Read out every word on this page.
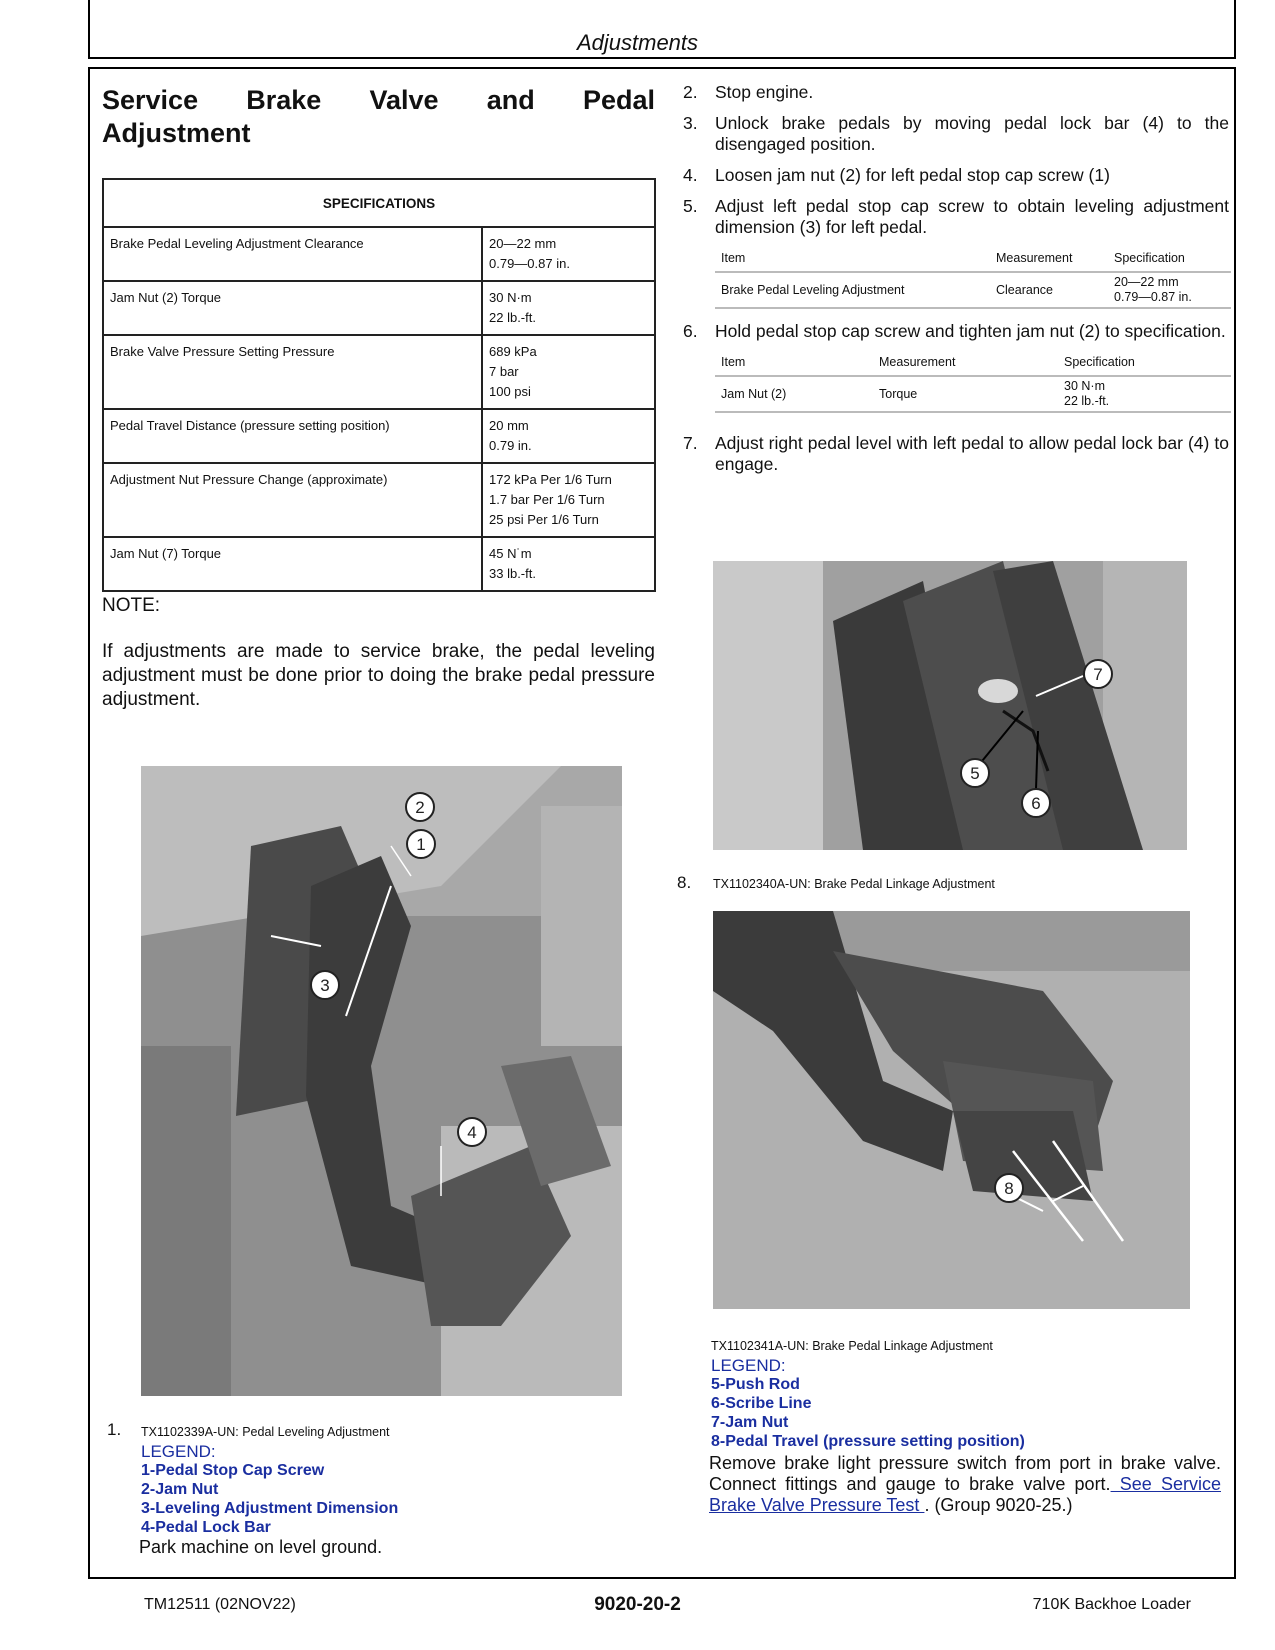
Adjustments
Service Brake Valve and Pedal
Adjustment
SPECIFICATIONS	
Brake Pedal Leveling Adjustment Clearance	20—22 mm
0.79—0.87 in.

Jam Nut (2) Torque	30 N·m
22 lb.-ft.

Brake Valve Pressure Setting Pressure	689 kPa
7 bar
100 psi

Pedal Travel Distance (pressure setting position)	20 mm
0.79 in.

Adjustment Nut Pressure Change (approximate)	172 kPa Per 1/6 Turn
1.7 bar Per 1/6 Turn
25 psi Per 1/6 Turn

Jam Nut (7) Torque	45 N˙m
33 lb.-ft.
NOTE:
If adjustments are made to service brake, the pedal leveling adjustment must be done prior to doing the brake pedal pressure adjustment.
2
1
3
4
1. TX1102339A-UN: Pedal Leveling Adjustment
LEGEND:
1-Pedal Stop Cap Screw
2-Jam Nut
3-Leveling Adjustment Dimension
4-Pedal Lock Bar
Park machine on level ground.
2. Stop engine.
3. Unlock brake pedals by moving pedal lock bar (4) to the disengaged position.
4. Loosen jam nut (2) for left pedal stop cap screw (1)
5. Adjust left pedal stop cap screw to obtain leveling adjustment dimension (3) for left pedal.
Item	Measurement	Specification
Brake Pedal Leveling Adjustment	Clearance	20—22 mm
0.79—0.87 in.
6. Hold pedal stop cap screw and tighten jam nut (2) to specification.
Item	Measurement	Specification
Jam Nut (2)	Torque	30 N·m
22 lb.-ft.
7. Adjust right pedal level with left pedal to allow pedal lock bar (4) to engage.
7
5
6
8. TX1102340A-UN: Brake Pedal Linkage Adjustment
8
TX1102341A-UN: Brake Pedal Linkage Adjustment
LEGEND:
5-Push Rod
6-Scribe Line
7-Jam Nut
8-Pedal Travel (pressure setting position)
Remove brake light pressure switch from port in brake valve. Connect fittings and gauge to brake valve port. See Service Brake Valve Pressure Test . (Group 9020-25.)
TM12511 (02NOV22)	9020-20-2	710K Backhoe Loader
